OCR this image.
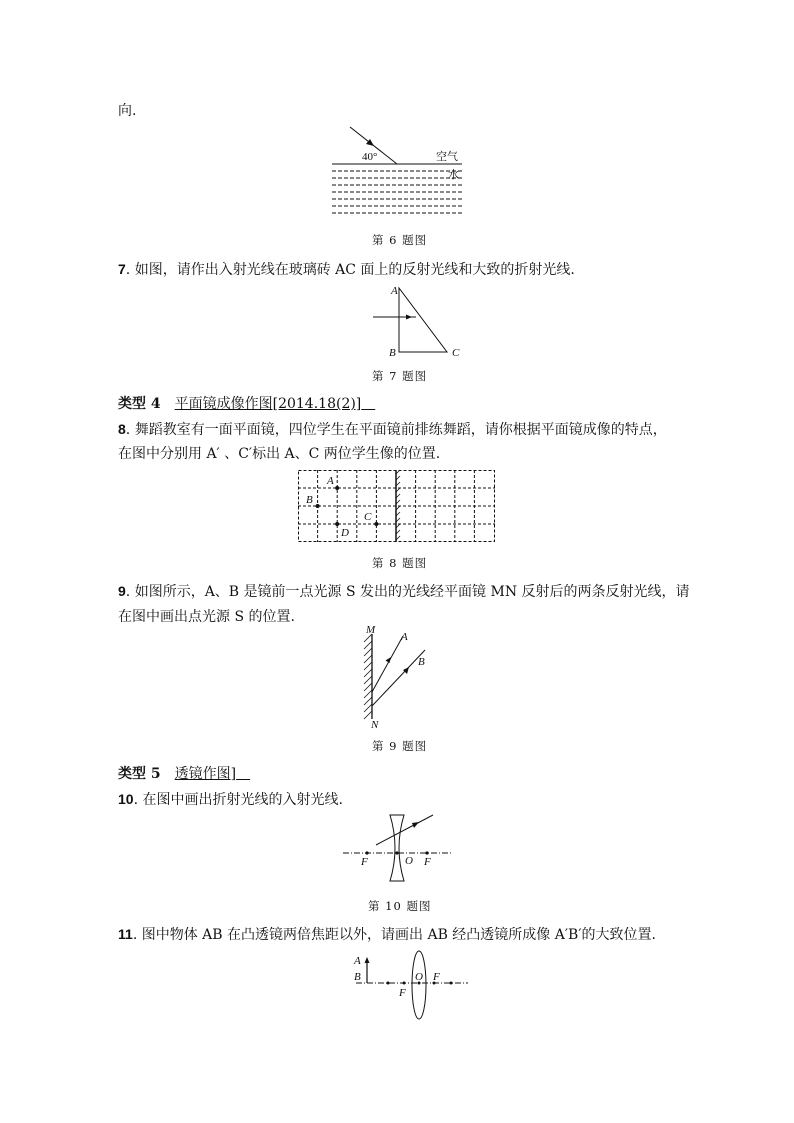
向.
40°	空气
水
第 6 题图
7. 如图，请作出入射光线在玻璃砖 AC 面上的反射光线和大致的折射光线.
A
B	C
第 7 题图
类型 4　 平面镜成像作图[2014.18(2)]　
8. 舞蹈教室有一面平面镜，四位学生在平面镜前排练舞蹈，请你根据平面镜成像的特点，
在图中分别用 A′ 、C′标出 A、C 两位学生像的位置.
A
B
C
D
第 8 题图
9. 如图所示，A、B 是镜前一点光源 S 发出的光线经平面镜 MN 反射后的两条反射光线，请
在图中画出点光源 S 的位置.
M
N
A
B
第 9 题图
类型 5　 透镜作图]　
10. 在图中画出折射光线的入射光线.
F	O F
第 10 题图
11. 图中物体 AB 在凸透镜两倍焦距以外，请画出 AB 经凸透镜所成像 A′B′的大致位置.
A
B
F
O F
